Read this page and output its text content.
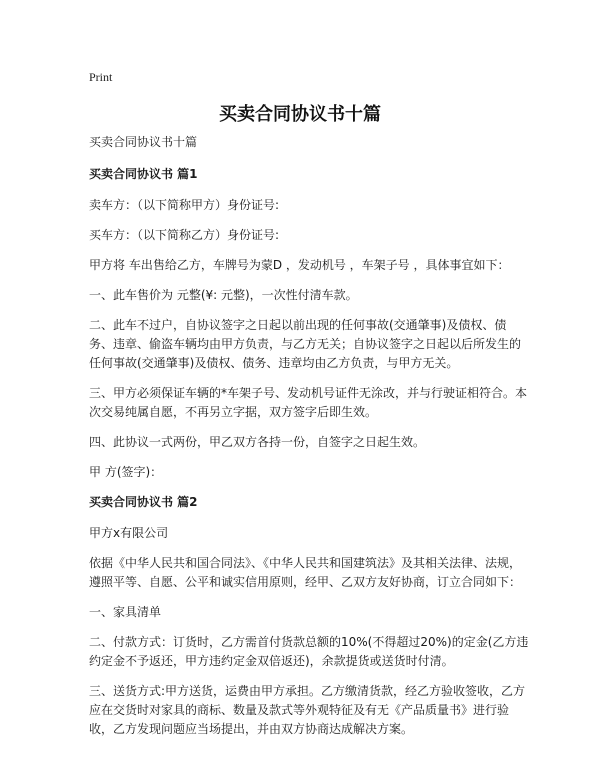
Print
买卖合同协议书十篇

买卖合同协议书十篇

买卖合同协议书 篇1

卖车方：（以下简称甲方）身份证号:

买车方：（以下简称乙方）身份证号:

甲方将 车出售给乙方，车牌号为蒙D ，发动机号 ，车架子号 ，具体事宜如下：

一、此车售价为 元整(¥: 元整)，一次性付清车款。

二、此车不过户，自协议签字之日起以前出现的任何事故(交通肇事)及债权、债务、违章、偷盗车辆均由甲方负责，与乙方无关；自协议签字之日起以后所发生的任何事故(交通肇事)及债权、债务、违章均由乙方负责，与甲方无关。

三、甲方必须保证车辆的*车架子号、发动机号证件无涂改，并与行驶证相符合。本次交易纯属自愿，不再另立字据，双方签字后即生效。

四、此协议一式两份，甲乙双方各持一份，自签字之日起生效。

甲 方(签字)：

买卖合同协议书 篇2

甲方x有限公司

依据《中华人民共和国合同法》、《中华人民共和国建筑法》及其相关法律、法规，遵照平等、自愿、公平和诚实信用原则，经甲、乙双方友好协商，订立合同如下：

一、家具清单

二、付款方式：订货时，乙方需首付货款总额的10%(不得超过20%)的定金(乙方违约定金不予返还，甲方违约定金双倍返还)，余款提货或送货时付清。

三、送货方式:甲方送货，运费由甲方承担。乙方缴清货款，经乙方验收签收，乙方应在交货时对家具的商标、数量及款式等外观特征及有无《产品质量书》进行验收，乙方发现问题应当场提出，并由双方协商达成解决方案。
